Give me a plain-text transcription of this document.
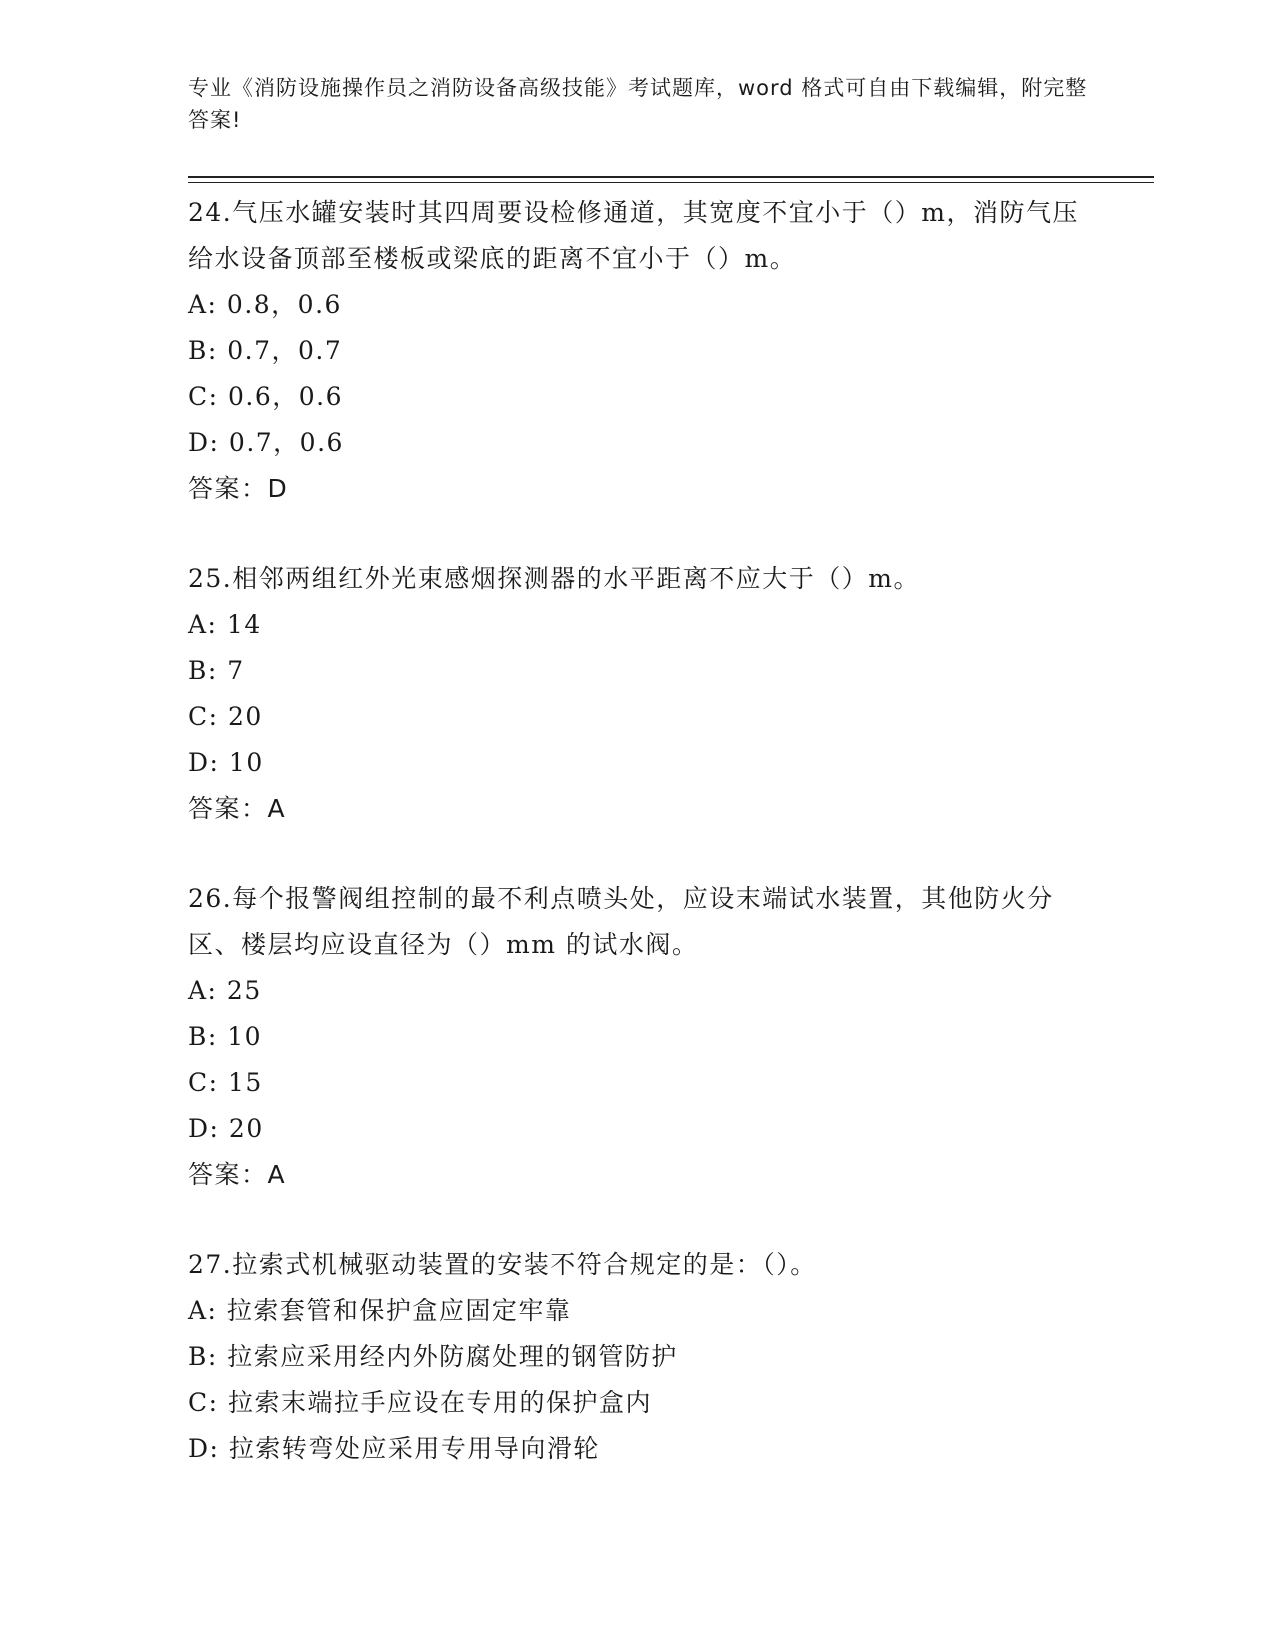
专业《消防设施操作员之消防设备高级技能》考试题库，word 格式可自由下载编辑，附完整答案!

24.气压水罐安装时其四周要设检修通道，其宽度不宜小于（）m，消防气压给水设备顶部至楼板或梁底的距离不宜小于（）m。

A: 0.8，0.6
B: 0.7，0.7
C: 0.6，0.6
D: 0.7，0.6
答案：D

25.相邻两组红外光束感烟探测器的水平距离不应大于（）m。

A: 14
B: 7
C: 20
D: 10
答案：A

26.每个报警阀组控制的最不利点喷头处，应设末端试水装置，其他防火分区、楼层均应设直径为（）mm 的试水阀。

A: 25
B: 10
C: 15
D: 20
答案：A

27.拉索式机械驱动装置的安装不符合规定的是：（）。

A: 拉索套管和保护盒应固定牢靠
B: 拉索应采用经内外防腐处理的钢管防护
C: 拉索末端拉手应设在专用的保护盒内
D: 拉索转弯处应采用专用导向滑轮
